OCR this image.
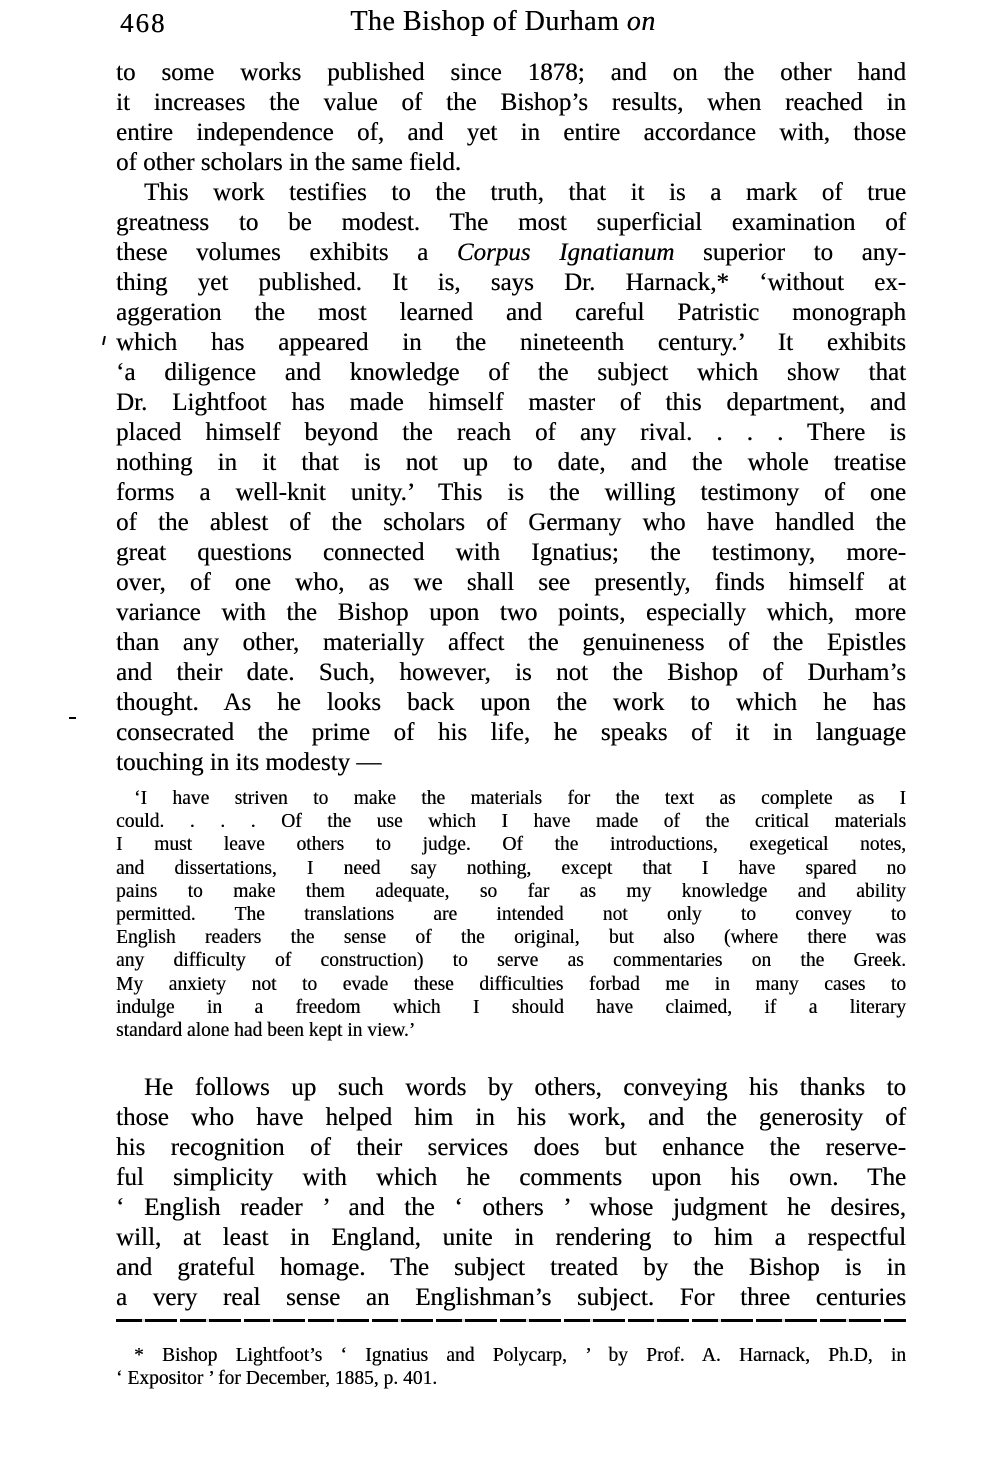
468	The Bishop of Durham on
to some works published since 1878; and on the other hand
it increases the value of the Bishop’s results, when reached in
entire independence of, and yet in entire accordance with, those
of other scholars in the same field.
This work testifies to the truth, that it is a mark of true
greatness to be modest. The most superficial examination of
these volumes exhibits a Corpus Ignatianum superior to any-
thing yet published. It is, says Dr. Harnack,* ‘without ex-
aggeration the most learned and careful Patristic monograph
which has appeared in the nineteenth century.’ It exhibits
‘a diligence and knowledge of the subject which show that
Dr. Lightfoot has made himself master of this department, and
placed himself beyond the reach of any rival. . . . There is
nothing in it that is not up to date, and the whole treatise
forms a well-knit unity.’ This is the willing testimony of one
of the ablest of the scholars of Germany who have handled the
great questions connected with Ignatius; the testimony, more-
over, of one who, as we shall see presently, finds himself at
variance with the Bishop upon two points, especially which, more
than any other, materially affect the genuineness of the Epistles
and their date. Such, however, is not the Bishop of Durham’s
thought. As he looks back upon the work to which he has
consecrated the prime of his life, he speaks of it in language
touching in its modesty —
‘I have striven to make the materials for the text as complete as I
could. . . . Of the use which I have made of the critical materials
I must leave others to judge. Of the introductions, exegetical notes,
and dissertations, I need say nothing, except that I have spared no
pains to make them adequate, so far as my knowledge and ability
permitted. The translations are intended not only to convey to
English readers the sense of the original, but also (where there was
any difficulty of construction) to serve as commentaries on the Greek.
My anxiety not to evade these difficulties forbad me in many cases to
indulge in a freedom which I should have claimed, if a literary
standard alone had been kept in view.’
He follows up such words by others, conveying his thanks to
those who have helped him in his work, and the generosity of
his recognition of their services does but enhance the reserve-
ful simplicity with which he comments upon his own. The
‘ English reader ’ and the ‘ others ’ whose judgment he desires,
will, at least in England, unite in rendering to him a respectful
and grateful homage. The subject treated by the Bishop is in
a very real sense an Englishman’s subject. For three centuries
* Bishop Lightfoot’s ‘ Ignatius and Polycarp, ’ by Prof. A. Harnack, Ph.D, in
‘ Expositor ’ for December, 1885, p. 401.
